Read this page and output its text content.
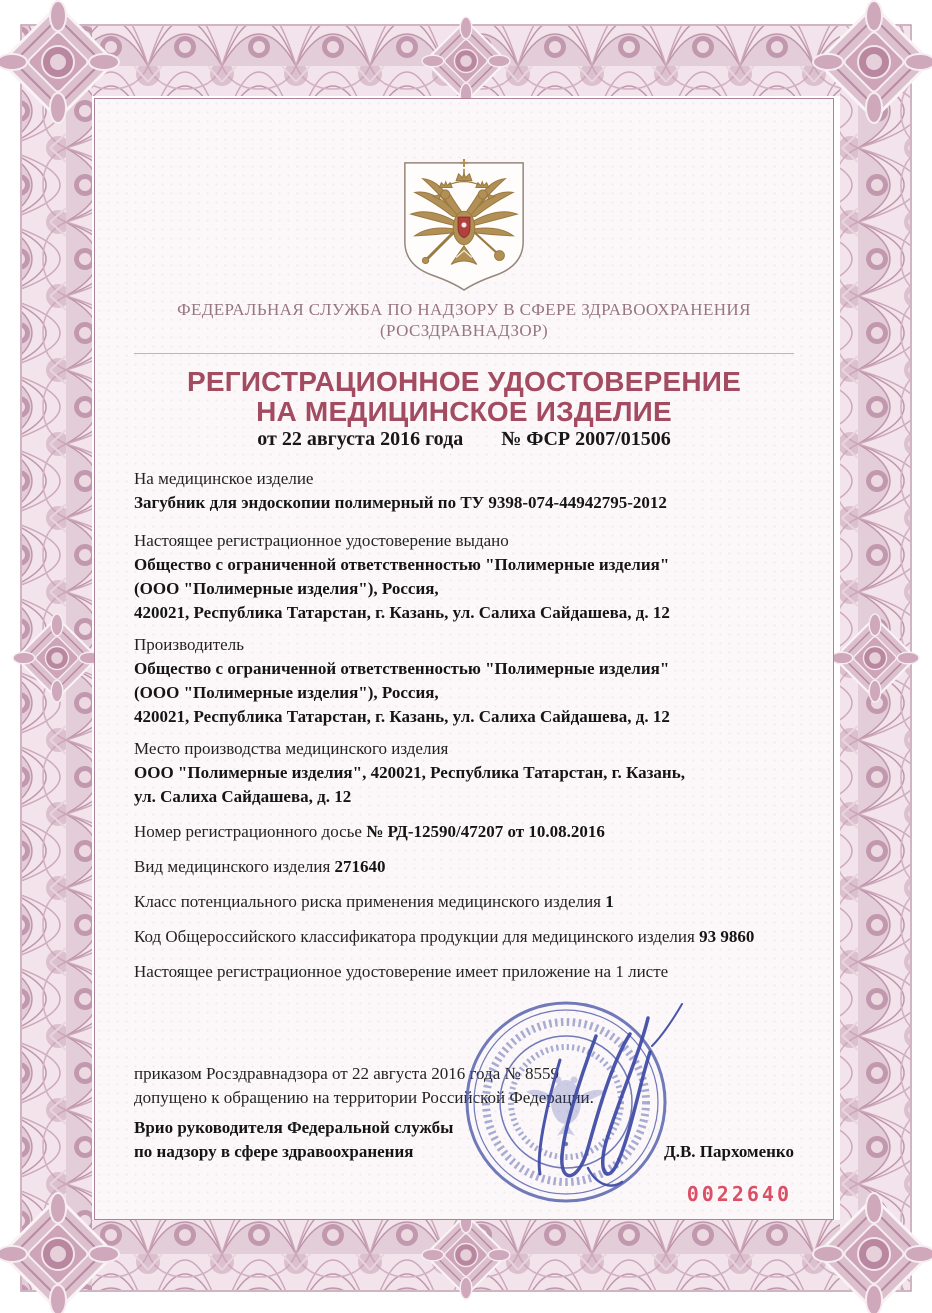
ФЕДЕРАЛЬНАЯ СЛУЖБА ПО НАДЗОРУ В СФЕРЕ ЗДРАВООХРАНЕНИЯ
(РОСЗДРАВНАДЗОР)
РЕГИСТРАЦИОННОЕ УДОСТОВЕРЕНИЕ
НА МЕДИЦИНСКОЕ ИЗДЕЛИЕ
от 22 августа 2016 года № ФСР 2007/01506
На медицинское изделие
Загубник для эндоскопии полимерный по ТУ 9398-074-44942795-2012
Настоящее регистрационное удостоверение выдано
Общество с ограниченной ответственностью "Полимерные изделия"
(ООО "Полимерные изделия"), Россия,
420021, Республика Татарстан, г. Казань, ул. Салиха Сайдашева, д. 12
Производитель
Общество с ограниченной ответственностью "Полимерные изделия"
(ООО "Полимерные изделия"), Россия,
420021, Республика Татарстан, г. Казань, ул. Салиха Сайдашева, д. 12
Место производства медицинского изделия
ООО "Полимерные изделия", 420021, Республика Татарстан, г. Казань,
ул. Салиха Сайдашева, д. 12
Номер регистрационного досье № РД-12590/47207 от 10.08.2016
Вид медицинского изделия 271640
Класс потенциального риска применения медицинского изделия 1
Код Общероссийского классификатора продукции для медицинского изделия 93 9860
Настоящее регистрационное удостоверение имеет приложение на 1 листе
приказом Росздравнадзора от 22 августа 2016 года № 8559
допущено к обращению на территории Российской Федерации.
Врио руководителя Федеральной службы
по надзору в сфере здравоохранения	Д.В. Пархоменко
0022640
